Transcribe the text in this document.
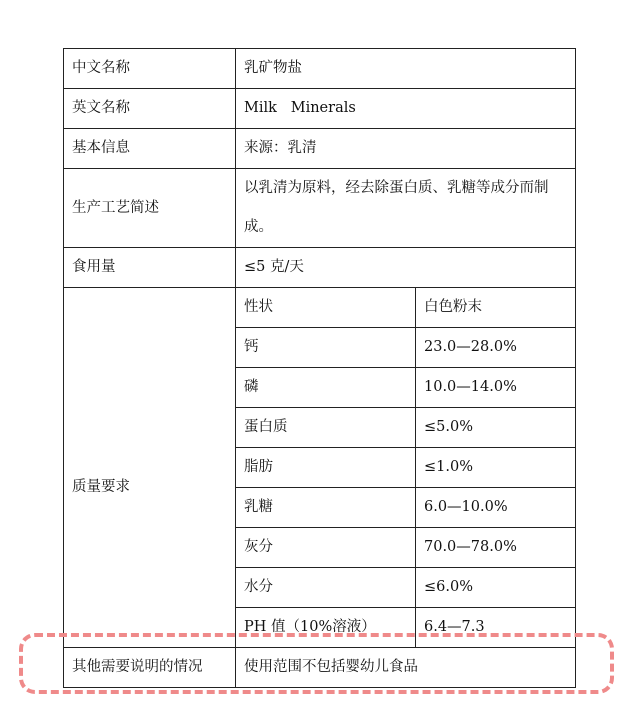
中文名称	乳矿物盐	
英文名称	Milk   Minerals	
基本信息	来源：乳清	
生产工艺简述	以乳清为原料，经去除蛋白质、乳糖等成分而制成。	
食用量	≤5 克/天	
质量要求	性状	白色粉末
	钙	23.0—28.0%
	磷	10.0—14.0%
	蛋白质	≤5.0%
	脂肪	≤1.0%
	乳糖	6.0—10.0%
	灰分	70.0—78.0%
	水分	≤6.0%
	PH 值（10%溶液）	6.4—7.3
其他需要说明的情况	使用范围不包括婴幼儿食品	
